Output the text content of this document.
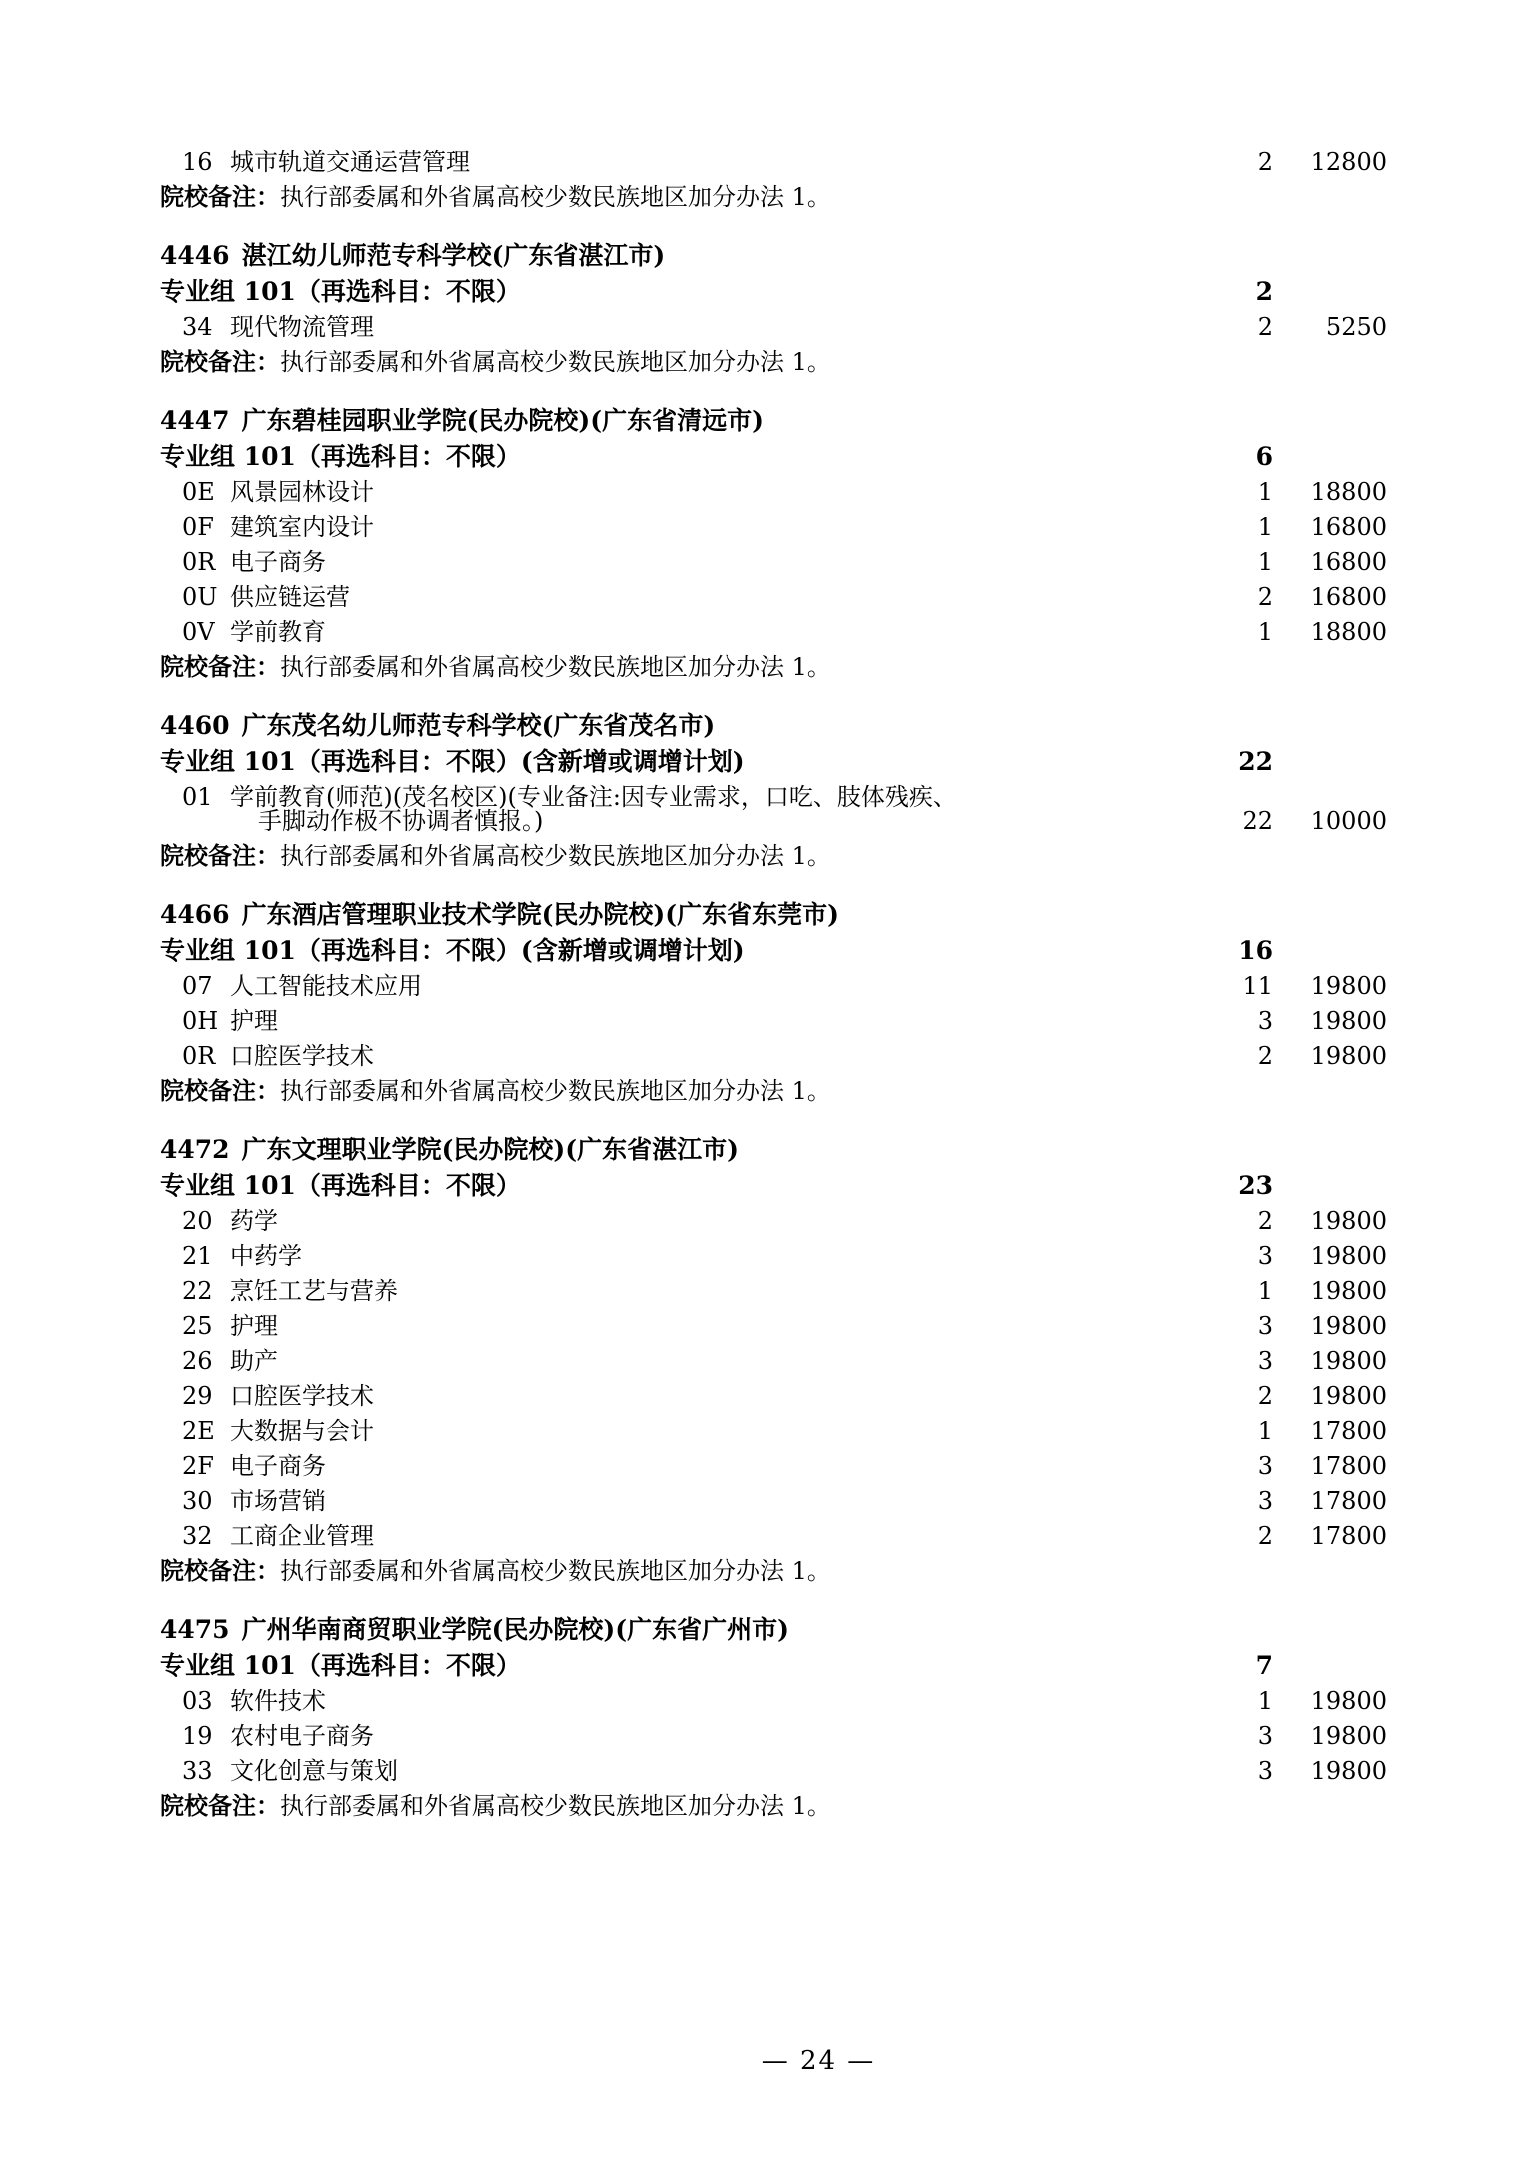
16 城市轨道交通运营管理	2	12800
院校备注：执行部委属和外省属高校少数民族地区加分办法 1。
4446 湛江幼儿师范专科学校(广东省湛江市)
专业组 101（再选科目：不限）	2
34 现代物流管理	2	5250
院校备注：执行部委属和外省属高校少数民族地区加分办法 1。
4447 广东碧桂园职业学院(民办院校)(广东省清远市)
专业组 101（再选科目：不限）	6
0E 风景园林设计	1	18800
0F 建筑室内设计	1	16800
0R 电子商务	1	16800
0U 供应链运营	2	16800
0V 学前教育	1	18800
院校备注：执行部委属和外省属高校少数民族地区加分办法 1。
4460 广东茂名幼儿师范专科学校(广东省茂名市)
专业组 101（再选科目：不限）(含新增或调增计划)	22
01 学前教育(师范)(茂名校区)(专业备注:因专业需求，口吃、肢体残疾、
手脚动作极不协调者慎报。)	22	10000
院校备注：执行部委属和外省属高校少数民族地区加分办法 1。
4466 广东酒店管理职业技术学院(民办院校)(广东省东莞市)
专业组 101（再选科目：不限）(含新增或调增计划)	16
07 人工智能技术应用	11	19800
0H 护理	3	19800
0R 口腔医学技术	2	19800
院校备注：执行部委属和外省属高校少数民族地区加分办法 1。
4472 广东文理职业学院(民办院校)(广东省湛江市)
专业组 101（再选科目：不限）	23
20 药学	2	19800
21 中药学	3	19800
22 烹饪工艺与营养	1	19800
25 护理	3	19800
26 助产	3	19800
29 口腔医学技术	2	19800
2E 大数据与会计	1	17800
2F 电子商务	3	17800
30 市场营销	3	17800
32 工商企业管理	2	17800
院校备注：执行部委属和外省属高校少数民族地区加分办法 1。
4475 广州华南商贸职业学院(民办院校)(广东省广州市)
专业组 101（再选科目：不限）	7
03 软件技术	1	19800
19 农村电子商务	3	19800
33 文化创意与策划	3	19800
院校备注：执行部委属和外省属高校少数民族地区加分办法 1。
— 24 —
